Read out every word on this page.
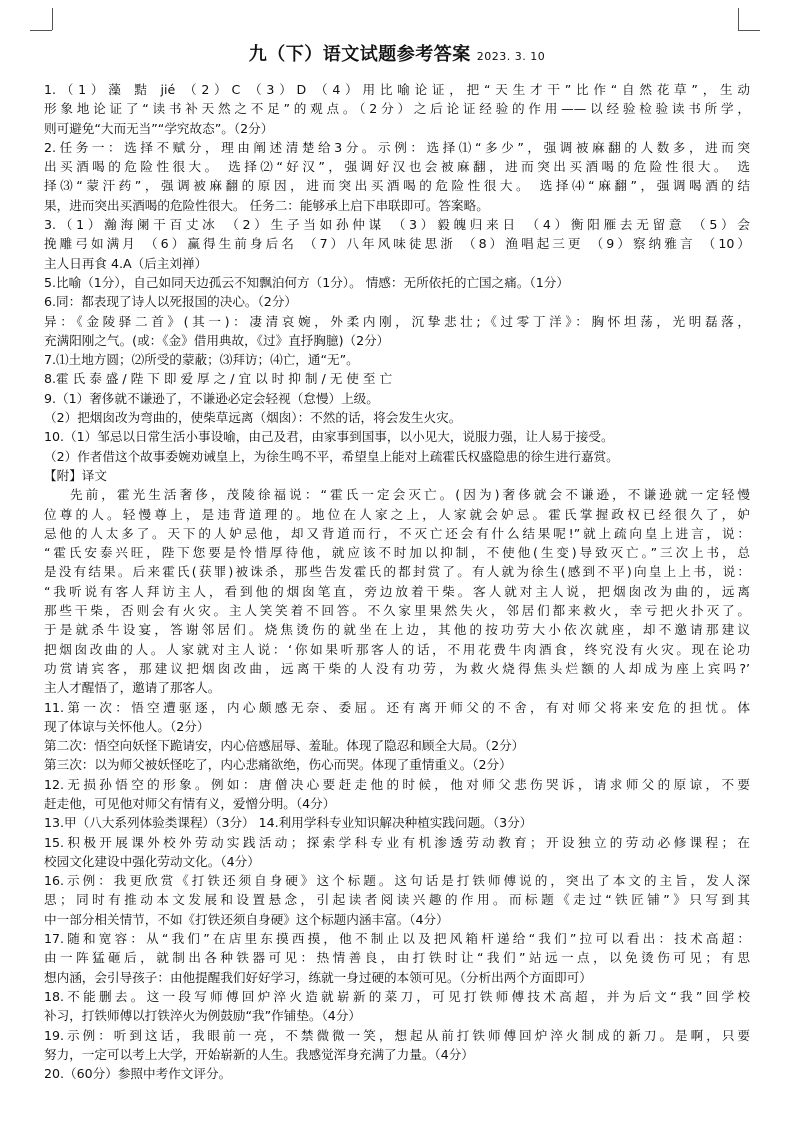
九（下）语文试题参考答案 2023. 3. 10
1.（1）藻 黠 jié （2）C （3）D （4）用比喻论证，把“天生才干”比作“自然花草”，生动
形象地论证了“读书补天然之不足”的观点。（2分）之后论证经验的作用——以经验检验读书所学，
则可避免“大而无当”“学究故态”。（2分）
2.任务一：选择不赋分，理由阐述清楚给3分。示例：选择⑴“多少”，强调被麻翻的人数多，进而突
出买酒喝的危险性很大。 选择⑵“好汉”，强调好汉也会被麻翻，进而突出买酒喝的危险性很大。 选
择⑶“蒙汗药”，强调被麻翻的原因，进而突出买酒喝的危险性很大。 选择⑷“麻翻”，强调喝酒的结
果，进而突出买酒喝的危险性很大。 任务二：能够承上启下串联即可。答案略。
3.（1）瀚海阑干百丈冰 （2）生子当如孙仲谋 （3）毅魄归来日 （4）衡阳雁去无留意 （5）会
挽雕弓如满月 （6）赢得生前身后名 （7）八年风味徒思浙 （8）渔唱起三更 （9）察纳雅言 （10）
主人日再食 4.A（后主刘禅）
5.比喻（1分），自己如同天边孤云不知飘泊何方（1分）。 情感：无所依托的亡国之痛。（1分）
6.同：都表现了诗人以死报国的决心。（2分）
异：《金陵驿二首》(其一)：凄清哀婉，外柔内刚，沉挚悲壮;《过零丁洋》：胸怀坦荡，光明磊落，
充满阳刚之气。(或：《金》借用典故，《过》直抒胸臆)（2分）
7.⑴土地方圆；⑵所受的蒙蔽；⑶拜访；⑷亡，通“无”。
8.霍 氏 泰 盛 / 陛 下 即 爱 厚 之 / 宜 以 时 抑 制 / 无 使 至 亡
9.（1）奢侈就不谦逊了，不谦逊必定会轻视（怠慢）上级。
（2）把烟囱改为弯曲的，使柴草远离（烟囱）：不然的话，将会发生火灾。
10.（1）邹忌以日常生活小事设喻，由己及君，由家事到国事，以小见大，说服力强，让人易于接受。
（2）作者借这个故事委婉劝诫皇上，为徐生鸣不平，希望皇上能对上疏霍氏权盛隐患的徐生进行嘉赏。
【附】译文
先前，霍光生活奢侈，茂陵徐福说：“霍氏一定会灭亡。(因为)奢侈就会不谦逊，不谦逊就一定轻慢
位尊的人。轻慢尊上，是违背道理的。地位在人家之上，人家就会妒忌。霍氏掌握政权已经很久了，妒
忌他的人太多了。天下的人妒忌他，却又背道而行，不灭亡还会有什么结果呢!”就上疏向皇上进言，说：
“霍氏安泰兴旺，陛下您要是怜惜厚待他，就应该不时加以抑制，不使他(生变)导致灭亡。”三次上书，总
是没有结果。后来霍氏(获罪)被诛杀，那些告发霍氏的都封赏了。有人就为徐生(感到不平)向皇上上书，说：
“我听说有客人拜访主人，看到他的烟囱笔直，旁边放着干柴。客人就对主人说，把烟囱改为曲的，远离
那些干柴，否则会有火灾。主人笑笑着不回答。不久家里果然失火，邻居们都来救火，幸亏把火扑灭了。
于是就杀牛设宴，答谢邻居们。烧焦烫伤的就坐在上边，其他的按功劳大小依次就座，却不邀请那建议
把烟囱改曲的人。人家就对主人说：‘你如果听那客人的话，不用花费牛肉酒食，终究没有火灾。现在论功
功赏请宾客，那建议把烟囱改曲，远离干柴的人没有功劳，为救火烧得焦头烂额的人却成为座上宾吗?’
主人才醒悟了，邀请了那客人。
11.第一次：悟空遭驱逐，内心颇感无奈、委屈。还有离开师父的不舍，有对师父将来安危的担忧。体
现了体谅与关怀他人。（2分）
第二次：悟空向妖怪下跪请安，内心倍感屈辱、羞耻。体现了隐忍和顾全大局。（2分）
第三次：以为师父被妖怪吃了，内心悲痛欲绝，伤心而哭。体现了重情重义。（2分）
12.无损孙悟空的形象。例如：唐僧决心要赶走他的时候，他对师父悲伤哭诉，请求师父的原谅，不要
赶走他，可见他对师父有情有义，爱憎分明。（4分）
13.甲（八大系列体验类课程）（3分） 14.利用学科专业知识解决种植实践问题。（3分）
15.积极开展课外校外劳动实践活动；探索学科专业有机渗透劳动教育；开设独立的劳动必修课程；在
校园文化建设中强化劳动文化。（4分）
16.示例：我更欣赏《打铁还须自身硬》这个标题。这句话是打铁师傅说的，突出了本文的主旨，发人深
思；同时有推动本文发展和设置悬念，引起读者阅读兴趣的作用。而标题《走过“铁匠铺”》只写到其
中一部分相关情节，不如《打铁还须自身硬》这个标题内涵丰富。（4分）
17.随和宽容：从“我们”在店里东摸西摸，他不制止以及把风箱杆递给“我们”拉可以看出：技术高超：
由一阵猛砸后，就制出各种铁器可见：热情善良，由打铁时让“我们”站远一点，以免烫伤可见；有思
想内涵，会引导孩子：由他提醒我们好好学习，练就一身过硬的本领可见。（分析出两个方面即可）
18.不能删去。这一段写师傅回炉淬火造就崭新的菜刀，可见打铁师傅技术高超，并为后文“我”回学校
补习，打铁师傅以打铁淬火为例鼓励“我”作铺垫。（4分）
19.示例：听到这话，我眼前一亮，不禁微微一笑，想起从前打铁师傅回炉淬火制成的新刀。是啊，只要
努力，一定可以考上大学，开始崭新的人生。我感觉浑身充满了力量。（4分）
20.（60分）参照中考作文评分。
